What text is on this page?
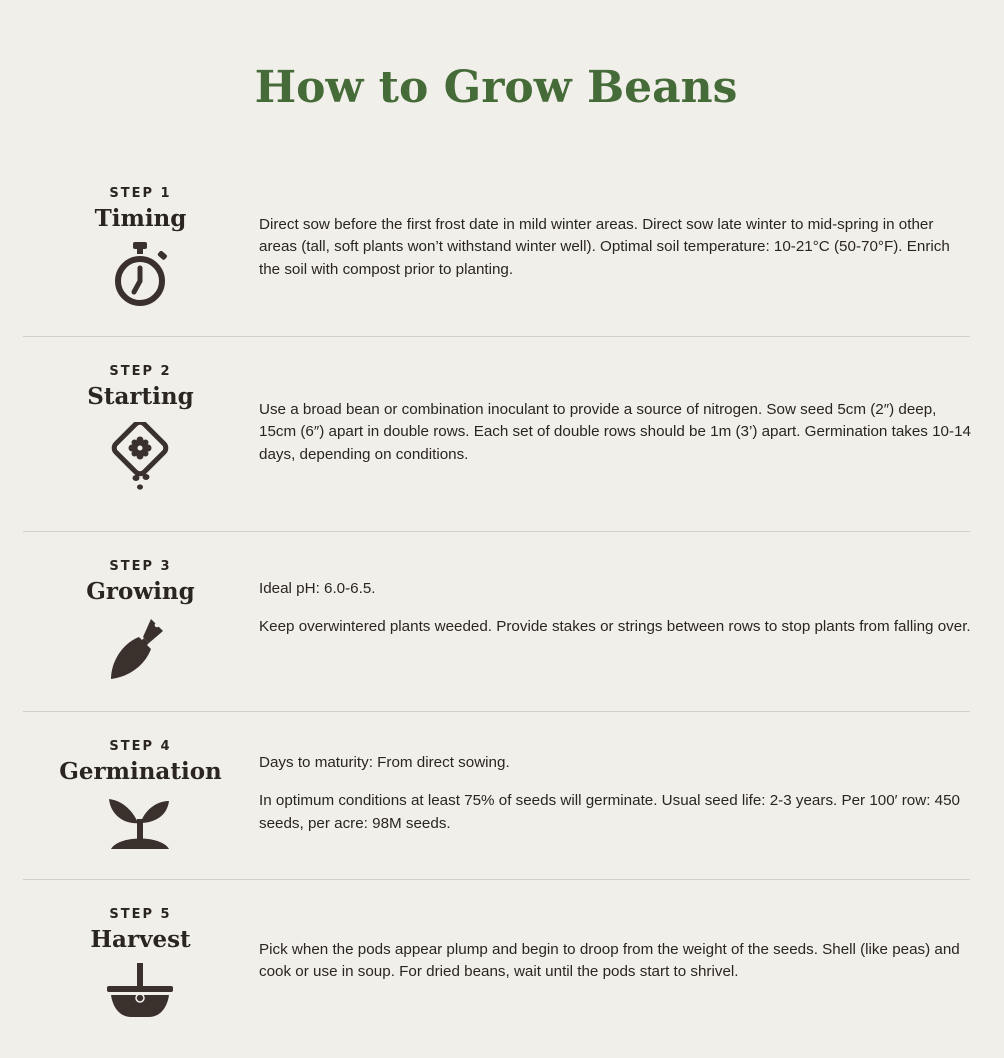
How to Grow Beans
STEP 1
Timing	Direct sow before the first frost date in mild winter areas. Direct sow late winter to mid-spring in other areas (tall, soft plants won’t withstand winter well). Optimal soil temperature: 10-21°C (50-70°F). Enrich the soil with compost prior to planting.

STEP 2
Starting	Use a broad bean or combination inoculant to provide a source of nitrogen. Sow seed 5cm (2″) deep, 15cm (6″) apart in double rows. Each set of double rows should be 1m (3’) apart. Germination takes 10-14 days, depending on conditions.

STEP 3
Growing	Ideal pH: 6.0-6.5.

Keep overwintered plants weeded. Provide stakes or strings between rows to stop plants from falling over.

STEP 4
Germination	Days to maturity: From direct sowing.

In optimum conditions at least 75% of seeds will germinate. Usual seed life: 2-3 years. Per 100′ row: 450 seeds, per acre: 98M seeds.

STEP 5
Harvest	Pick when the pods appear plump and begin to droop from the weight of the seeds. Shell (like peas) and cook or use in soup. For dried beans, wait until the pods start to shrivel.
